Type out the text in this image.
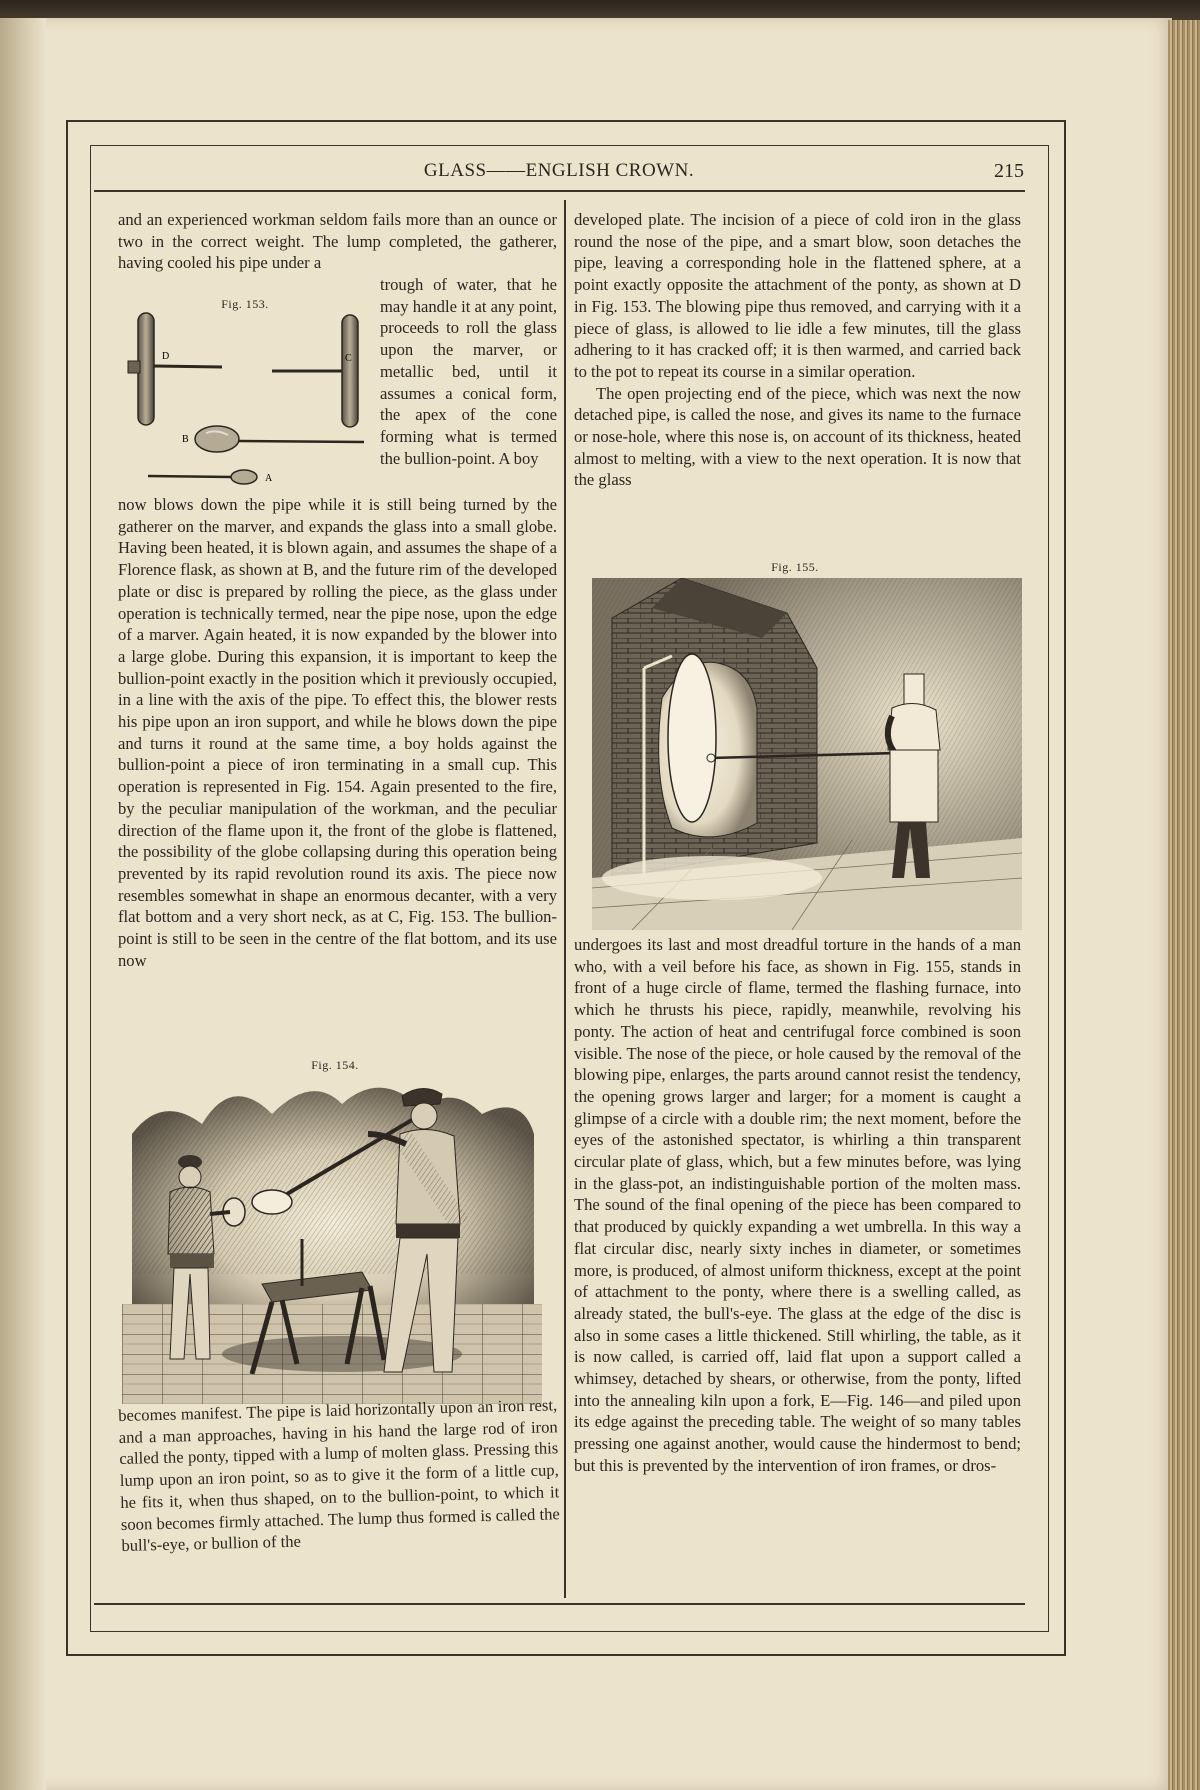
GLASS——ENGLISH CROWN.	215

and an experienced workman seldom fails more than an ounce or two in the correct weight. The lump completed, the gatherer, having cooled his pipe under a

Fig. 153.
D	C
B
A

trough of water, that he may handle it at any point, proceeds to roll the glass upon the marver, or metallic bed, until it assumes a conical form, the apex of the cone forming what is termed the bullion-point. A boy

now blows down the pipe while it is still being turned by the gatherer on the marver, and expands the glass into a small globe. Having been heated, it is blown again, and assumes the shape of a Florence flask, as shown at B, and the future rim of the developed plate or disc is prepared by rolling the piece, as the glass under operation is technically termed, near the pipe nose, upon the edge of a marver. Again heated, it is now expanded by the blower into a large globe. During this expansion, it is important to keep the bullion-point exactly in the position which it previously occupied, in a line with the axis of the pipe. To effect this, the blower rests his pipe upon an iron support, and while he blows down the pipe and turns it round at the same time, a boy holds against the bullion-point a piece of iron terminating in a small cup. This operation is represented in Fig. 154. Again presented to the fire, by the peculiar manipulation of the workman, and the peculiar direction of the flame upon it, the front of the globe is flattened, the possibility of the globe collapsing during this operation being prevented by its rapid revolution round its axis. The piece now resembles somewhat in shape an enormous decanter, with a very flat bottom and a very short neck, as at C, Fig. 153. The bullion-point is still to be seen in the centre of the flat bottom, and its use now

Fig. 154.

becomes manifest. The pipe is laid horizontally upon an iron rest, and a man approaches, having in his hand the large rod of iron called the ponty, tipped with a lump of molten glass. Pressing this lump upon an iron point, so as to give it the form of a little cup, he fits it, when thus shaped, on to the bullion-point, to which it soon becomes firmly attached. The lump thus formed is called the bull's-eye, or bullion of the

developed plate. The incision of a piece of cold iron in the glass round the nose of the pipe, and a smart blow, soon detaches the pipe, leaving a corresponding hole in the flattened sphere, at a point exactly opposite the attachment of the ponty, as shown at D in Fig. 153. The blowing pipe thus removed, and carrying with it a piece of glass, is allowed to lie idle a few minutes, till the glass adhering to it has cracked off; it is then warmed, and carried back to the pot to repeat its course in a similar operation.

The open projecting end of the piece, which was next the now detached pipe, is called the nose, and gives its name to the furnace or nose-hole, where this nose is, on account of its thickness, heated almost to melting, with a view to the next operation. It is now that the glass

Fig. 155.

undergoes its last and most dreadful torture in the hands of a man who, with a veil before his face, as shown in Fig. 155, stands in front of a huge circle of flame, termed the flashing furnace, into which he thrusts his piece, rapidly, meanwhile, revolving his ponty. The action of heat and centrifugal force combined is soon visible. The nose of the piece, or hole caused by the removal of the blowing pipe, enlarges, the parts around cannot resist the tendency, the opening grows larger and larger; for a moment is caught a glimpse of a circle with a double rim; the next moment, before the eyes of the astonished spectator, is whirling a thin transparent circular plate of glass, which, but a few minutes before, was lying in the glass-pot, an indistinguishable portion of the molten mass. The sound of the final opening of the piece has been compared to that produced by quickly expanding a wet umbrella. In this way a flat circular disc, nearly sixty inches in diameter, or sometimes more, is produced, of almost uniform thickness, except at the point of attachment to the ponty, where there is a swelling called, as already stated, the bull's-eye. The glass at the edge of the disc is also in some cases a little thickened. Still whirling, the table, as it is now called, is carried off, laid flat upon a support called a whimsey, detached by shears, or otherwise, from the ponty, lifted into the annealing kiln upon a fork, E—Fig. 146—and piled upon its edge against the preceding table. The weight of so many tables pressing one against another, would cause the hindermost to bend; but this is prevented by the intervention of iron frames, or dros-
